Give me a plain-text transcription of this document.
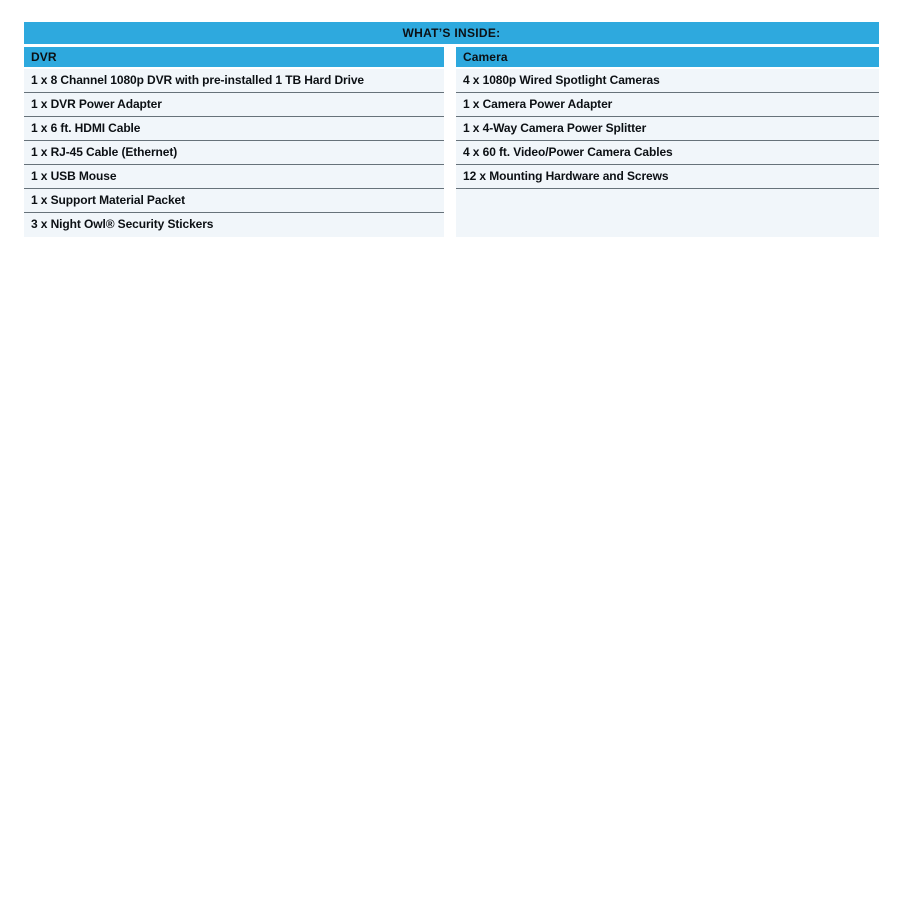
WHAT’S INSIDE:
DVR
1 x 8 Channel 1080p DVR with pre-installed 1 TB Hard Drive
1 x DVR Power Adapter
1 x 6 ft. HDMI Cable
1 x RJ-45 Cable (Ethernet)
1 x USB Mouse
1 x Support Material Packet
3 x Night Owl® Security Stickers
Camera
4 x 1080p Wired Spotlight Cameras
1 x Camera Power Adapter
1 x 4-Way Camera Power Splitter
4 x 60 ft. Video/Power Camera Cables
12 x Mounting Hardware and Screws
